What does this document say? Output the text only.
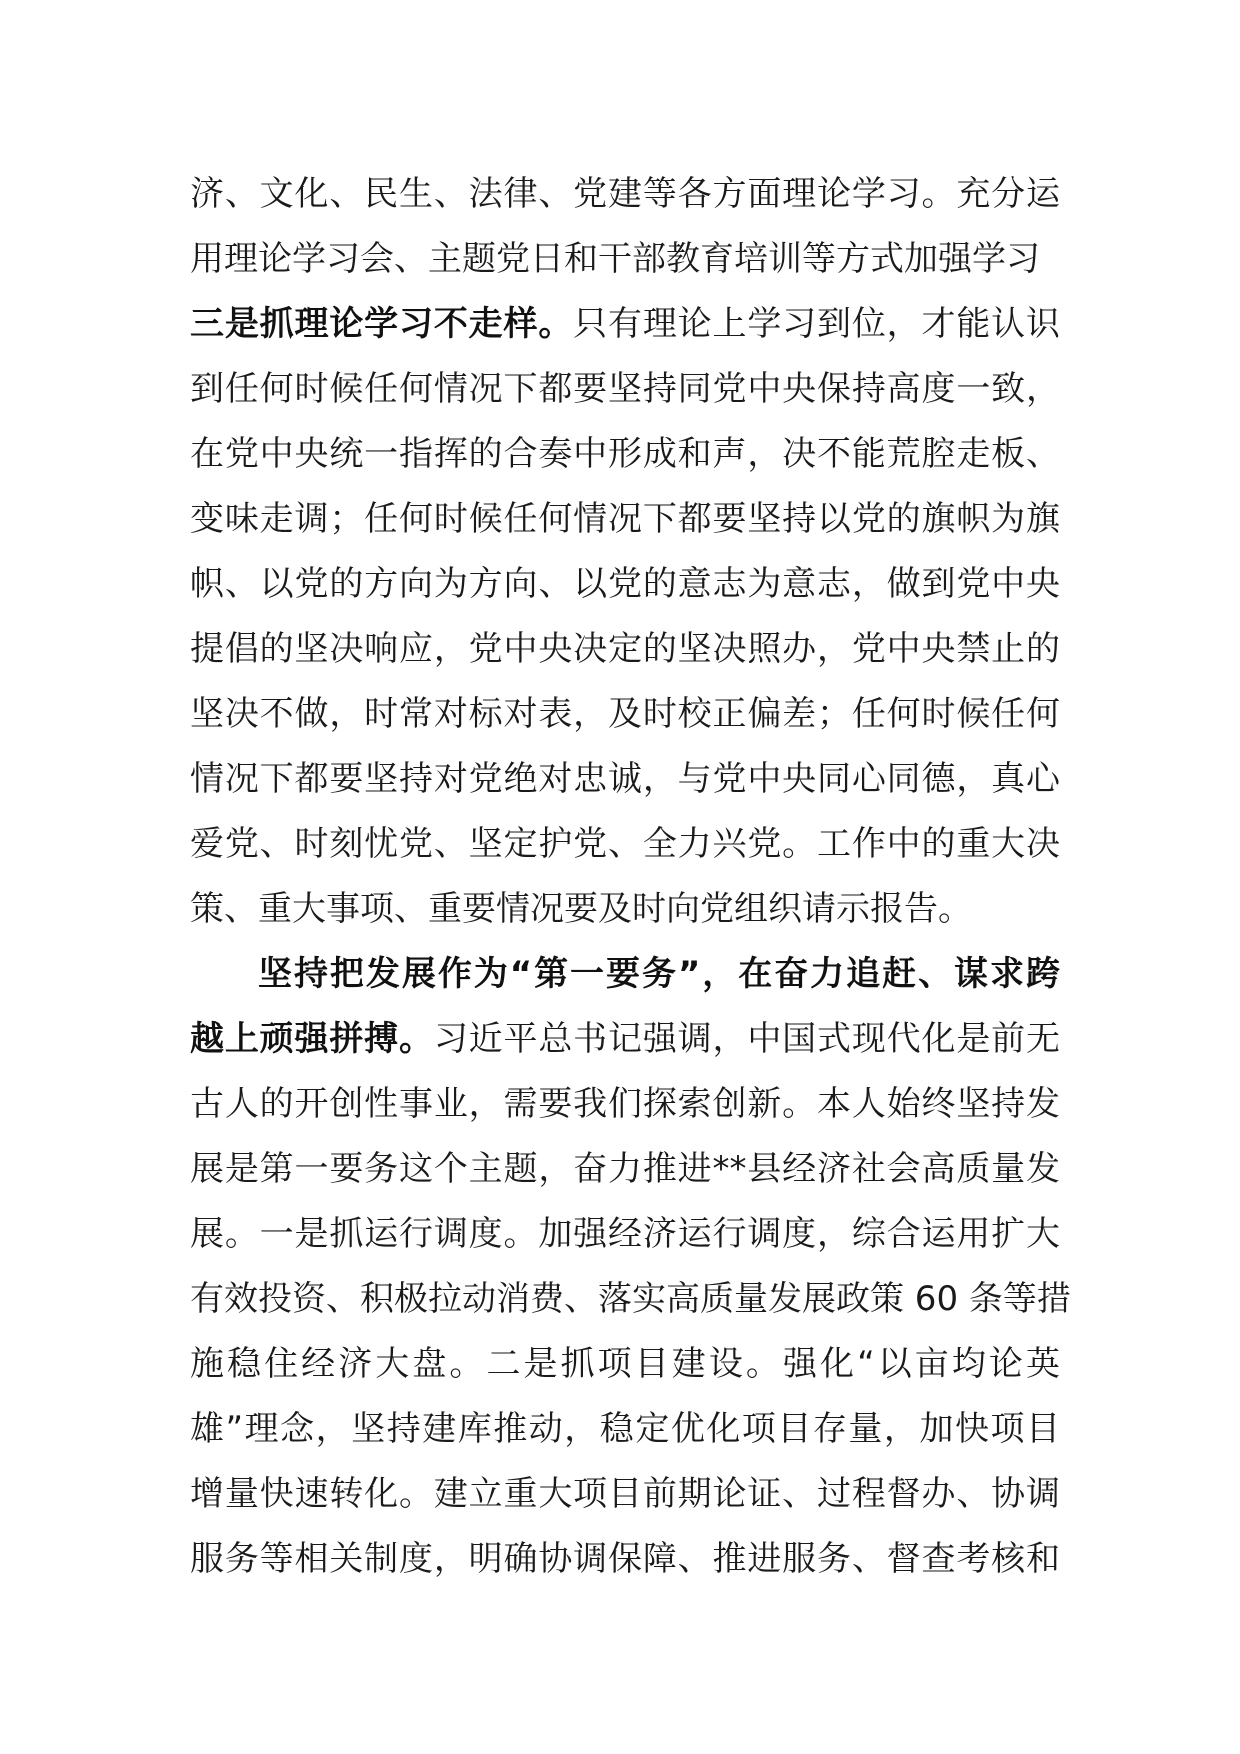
济、文化、民生、法律、党建等各方面理论学习。充分运
用理论学习会、主题党日和干部教育培训等方式加强学习
三是抓理论学习不走样。只有理论上学习到位，才能认识
到任何时候任何情况下都要坚持同党中央保持高度一致，
在党中央统一指挥的合奏中形成和声，决不能荒腔走板、
变味走调；任何时候任何情况下都要坚持以党的旗帜为旗
帜、以党的方向为方向、以党的意志为意志，做到党中央
提倡的坚决响应，党中央决定的坚决照办，党中央禁止的
坚决不做，时常对标对表，及时校正偏差；任何时候任何
情况下都要坚持对党绝对忠诚，与党中央同心同德，真心
爱党、时刻忧党、坚定护党、全力兴党。工作中的重大决
策、重大事项、重要情况要及时向党组织请示报告。
坚持把发展作为“第一要务”，在奋力追赶、谋求跨
越上顽强拼搏。习近平总书记强调，中国式现代化是前无
古人的开创性事业，需要我们探索创新。本人始终坚持发
展是第一要务这个主题，奋力推进**县经济社会高质量发
展。一是抓运行调度。加强经济运行调度，综合运用扩大
有效投资、积极拉动消费、落实高质量发展政策 60 条等措
施稳住经济大盘。二是抓项目建设。强化“以亩均论英
雄”理念，坚持建库推动，稳定优化项目存量，加快项目
增量快速转化。建立重大项目前期论证、过程督办、协调
服务等相关制度，明确协调保障、推进服务、督查考核和
